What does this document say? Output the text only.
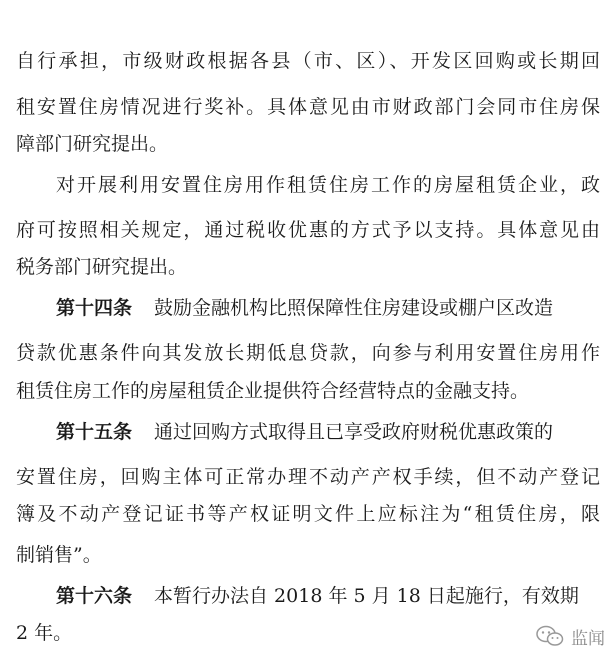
自行承担，市级财政根据各县（市、区）、开发区回购或长期回
租安置住房情况进行奖补。具体意见由市财政部门会同市住房保
障部门研究提出。
对开展利用安置住房用作租赁住房工作的房屋租赁企业，政
府可按照相关规定，通过税收优惠的方式予以支持。具体意见由
税务部门研究提出。
第十四条 鼓励金融机构比照保障性住房建设或棚户区改造
贷款优惠条件向其发放长期低息贷款，向参与利用安置住房用作
租赁住房工作的房屋租赁企业提供符合经营特点的金融支持。
第十五条 通过回购方式取得且已享受政府财税优惠政策的
安置住房，回购主体可正常办理不动产产权手续，但不动产登记
簿及不动产登记证书等产权证明文件上应标注为“租赁住房，限
制销售”。
第十六条 本暂行办法自 2018 年 5 月 18 日起施行，有效期
2 年。	监闻
